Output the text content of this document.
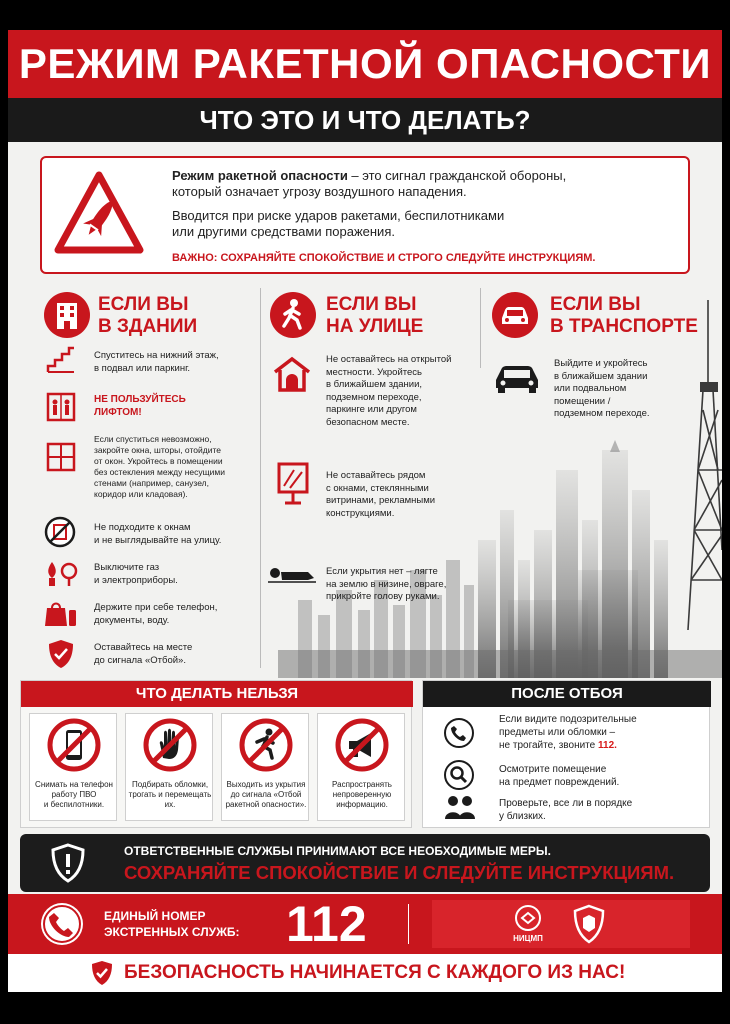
РЕЖИМ РАКЕТНОЙ ОПАСНОСТИ
ЧТО ЭТО И ЧТО ДЕЛАТЬ?

Режим ракетной опасности – это сигнал гражданской обороны,

который означает угрозу воздушного нападения.

Вводится при риске ударов ракетами, беспилотниками

или другими средствами поражения.

ВАЖНО: СОХРАНЯЙТЕ СПОКОЙСТВИЕ И СТРОГО СЛЕДУЙТЕ ИНСТРУКЦИЯМ.

ЕСЛИ ВЫ
В ЗДАНИИ
Спуститесь на нижний этаж,
в подвал или паркинг.
НЕ ПОЛЬЗУЙТЕСЬ
ЛИФТОМ!
Если спуститься невозможно,
закройте окна, шторы, отойдите
от окон. Укройтесь в помещении
без остекления между несущими
стенами (например, санузел,
коридор или кладовая).
Не подходите к окнам
и не выглядывайте на улицу.
Выключите газ
и электроприборы.
Держите при себе телефон,
документы, воду.
Оставайтесь на месте
до сигнала «Отбой».
ЕСЛИ ВЫ
НА УЛИЦЕ
Не оставайтесь на открытой
местности. Укройтесь
в ближайшем здании,
подземном переходе,
паркинге или другом
безопасном месте.
Не оставайтесь рядом
с окнами, стеклянными
витринами, рекламными
конструкциями.
Если укрытия нет – лягте
на землю в низине, овраге,
прикройте голову руками.
ЕСЛИ ВЫ
В ТРАНСПОРТЕ
Выйдите и укройтесь
в ближайшем здании
или подвальном
помещении /
подземном переходе.
ЧТО ДЕЛАТЬ НЕЛЬЗЯ
Снимать на телефон
работу ПВО
и беспилотники.
Подбирать обломки,
трогать и перемещать
их.
Выходить из укрытия
до сигнала «Отбой
ракетной опасности».
Распространять
непроверенную
информацию.
ПОСЛЕ ОТБОЯ
Если видите подозрительные
предметы или обломки –
не трогайте, звоните 112.
Осмотрите помещение
на предмет повреждений.
Проверьте, все ли в порядке
у близких.
ОТВЕТСТВЕННЫЕ СЛУЖБЫ ПРИНИМАЮТ ВСЕ НЕОБХОДИМЫЕ МЕРЫ.
СОХРАНЯЙТЕ СПОКОЙСТВИЕ И СЛЕДУЙТЕ ИНСТРУКЦИЯМ.
ЕДИНЫЙ НОМЕР
ЭКСТРЕННЫХ СЛУЖБ: 112	НИЦМП
БЕЗОПАСНОСТЬ НАЧИНАЕТСЯ С КАЖДОГО ИЗ НАС!
